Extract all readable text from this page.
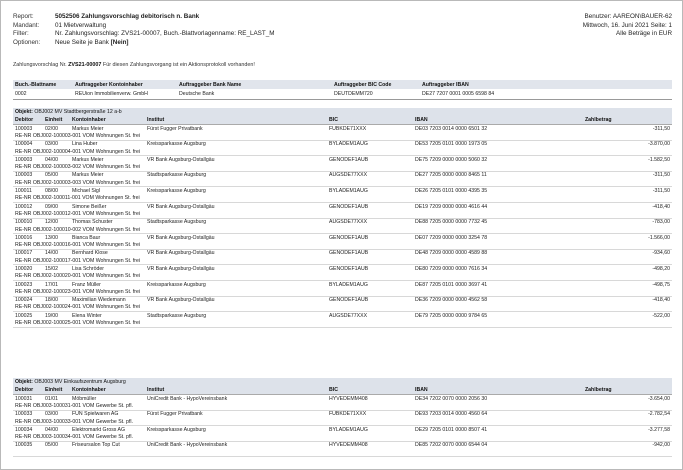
Report:	5052506 Zahlungsvorschlag debitorisch n. Bank
Mandant:	01 Mietverwaltung
Filter:	Nr. Zahlungsvorschlag: ZVS21-00007, Buch.-Blattvorlagenname: RE_LAST_M
Optionen:	Neue Seite je Bank [Nein]
Benutzer: AAREON\BAUER-62
Mittwoch, 16. Juni 2021 Seite: 1
Alle Beträge in EUR
Zahlungsvorschlag Nr. ZVS21-00007 Für diesen Zahlungsvorgang ist ein Aktionsprotokoll vorhanden!
Buch.-Blattname	Auftraggeber Kontoinhaber	Auftraggeber Bank Name	Auftraggeber BIC Code	Auftraggeber IBAN
0002	REUion Immobilienverw. GmbH	Deutsche Bank	DEUTDEMM720	DE27 7207 0001 0005 6598 84
Objekt: OBJ002 MV Stadtbergerstraße 12 a-b						
Debitor	Einheit	Kontoinhaber	Institut	BIC	IBAN	Zahlbetrag
100003	02/00	Markus Meier	Fürst Fugger Privatbank	FUBKDE71XXX	DE03 7203 0014 0000 6501 32	-311,50
RE-NR OBJ002-100003-001 VOM Wohnungen St. frei						
100004	03/00	Lina Huber	Kreissparkasse Augsburg	BYLADEM1AUG	DE53 7205 0101 0000 1973 05	-3.870,00
RE-NR OBJ002-100004-001 VOM Wohnungen St. frei						
100003	04/00	Markus Meier	VR Bank Augsburg-Ostallgäu	GENODEF1AUB	DE75 7209 0000 0000 5060 32	-1.582,50
RE-NR OBJ002-100003-002 VOM Wohnungen St. frei						
100003	05/00	Markus Meier	Stadtsparkasse Augsburg	AUGSDE77XXX	DE27 7205 0000 0000 8465 11	-311,50
RE-NR OBJ002-100003-003 VOM Wohnungen St. frei						
100011	08/00	Michael Sigl	Kreissparkasse Augsburg	BYLADEM1AUG	DE26 7205 0101 0000 4395 35	-311,50
RE-NR OBJ002-100011-001 VOM Wohnungen St. frei						
100012	09/00	Simone Beißer	VR Bank Augsburg-Ostallgäu	GENODEF1AUB	DE19 7209 0000 0000 4616 44	-418,40
RE-NR OBJ002-100012-001 VOM Wohnungen St. frei						
100010	12/00	Thomas Schuster	Stadtsparkasse Augsburg	AUGSDE77XXX	DE88 7205 0000 0000 7732 45	-783,00
RE-NR OBJ002-100010-002 VOM Wohnungen St. frei						
100016	13/00	Bianca Baur	VR Bank Augsburg-Ostallgäu	GENODEF1AUB	DE07 7209 0000 0000 3254 78	-1.566,00
RE-NR OBJ002-100016-001 VOM Wohnungen St. frei						
100017	14/00	Bernhard Klose	VR Bank Augsburg-Ostallgäu	GENODEF1AUB	DE48 7209 0000 0000 4589 88	-934,60
RE-NR OBJ002-100017-001 VOM Wohnungen St. frei						
100020	15/02	Lisa Schröder	VR Bank Augsburg-Ostallgäu	GENODEF1AUB	DE80 7209 0000 0000 7616 34	-498,20
RE-NR OBJ002-100020-001 VOM Wohnungen St. frei						
100023	17/01	Franz Müller	Kreissparkasse Augsburg	BYLADEM1AUG	DE87 7205 0101 0000 3697 41	-498,75
RE-NR OBJ002-100023-001 VOM Wohnungen St. frei						
100024	18/00	Maximilian Wiedemann	VR Bank Augsburg-Ostallgäu	GENODEF1AUB	DE36 7209 0000 0000 4562 58	-418,40
RE-NR OBJ002-100024-001 VOM Wohnungen St. frei						
100025	19/00	Elena Winter	Stadtsparkasse Augsburg	AUGSDE77XXX	DE79 7205 0000 0000 9784 65	-522,00
RE-NR OBJ002-100025-001 VOM Wohnungen St. frei						
Objekt: OBJ003 MV Einkaufszentrum Augsburg						
Debitor	Einheit	Kontoinhaber	Institut	BIC	IBAN	Zahlbetrag
100031	01/01	Möbmüller	UniCredit Bank - HypoVereinsbank	HYVEDEMM408	DE34 7202 0070 0000 2056 30	-3.654,00
RE-NR OBJ003-100031-001 VOM Gewerbe St. pfl.						
100033	03/00	FUN Spielwaren AG	Fürst Fugger Privatbank	FUBKDE71XXX	DE93 7203 0014 0000 4560 64	-2.782,54
RE-NR OBJ003-100033-001 VOM Gewerbe St. pfl.						
100034	04/00	Elektromarkt Gross AG	Kreissparkasse Augsburg	BYLADEM1AUG	DE29 7205 0101 0000 8507 41	-3.277,58
RE-NR OBJ003-100034-001 VOM Gewerbe St. pfl.						
100035	05/00	Friseursalon Top Cut	UniCredit Bank - HypoVereinsbank	HYVEDEMM408	DE85 7202 0070 0000 6544 04	-942,00
